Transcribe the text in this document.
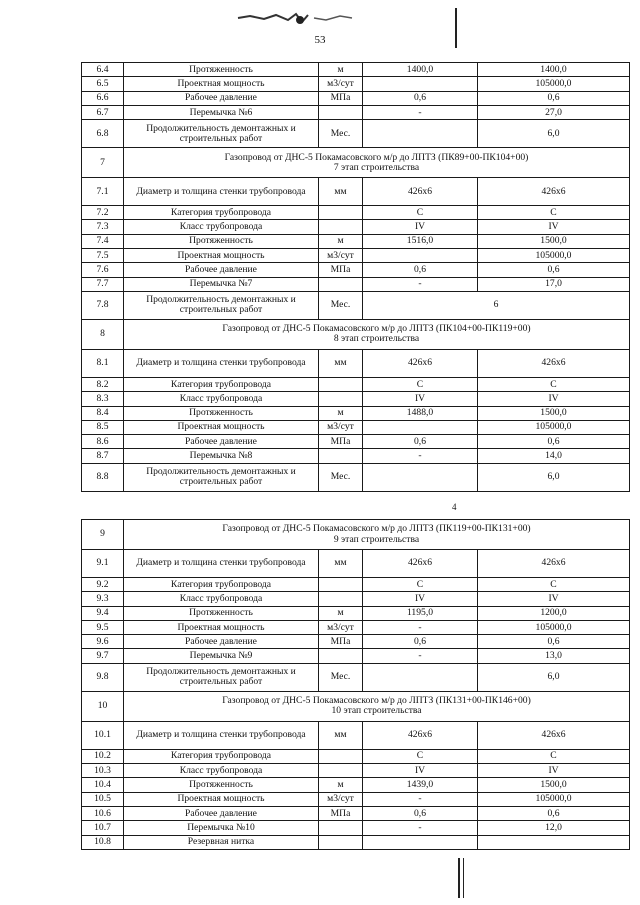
53
6.4	Протяженность	м	1400,0	1400,0
6.5	Проектная мощность	м3/сут		105000,0
6.6	Рабочее давление	МПа	0,6	0,6
6.7	Перемычка №6		-	27,0
6.8	Продолжительность демонтажных и строительных работ	Мес.		6,0
7	Газопровод от ДНС-5 Покамасовского м/р до ЛПТЗ (ПК89+00-ПК104+00)
7 этап строительства			

7.1	Диаметр и толщина стенки трубопровода	мм	426х6	426х6
7.2	Категория трубопровода		С	С
7.3	Класс трубопровода		IV	IV
7.4	Протяженность	м	1516,0	1500,0
7.5	Проектная мощность	м3/сут		105000,0
7.6	Рабочее давление	МПа	0,6	0,6
7.7	Перемычка №7		-	17,0
7.8	Продолжительность демонтажных и строительных работ	Мес.	6	
8	Газопровод от ДНС-5 Покамасовского м/р до ЛПТЗ (ПК104+00-ПК119+00)
8 этап строительства			

8.1	Диаметр и толщина стенки трубопровода	мм	426х6	426х6
8.2	Категория трубопровода		С	С
8.3	Класс трубопровода		IV	IV
8.4	Протяженность	м	1488,0	1500,0
8.5	Проектная мощность	м3/сут		105000,0
8.6	Рабочее давление	МПа	0,6	0,6
8.7	Перемычка №8		-	14,0
8.8	Продолжительность демонтажных и строительных работ	Мес.		6,0
4
9	Газопровод от ДНС-5 Покамасовского м/р до ЛПТЗ (ПК119+00-ПК131+00)
9 этап строительства			

9.1	Диаметр и толщина стенки трубопровода	мм	426х6	426х6
9.2	Категория трубопровода		С	С
9.3	Класс трубопровода		IV	IV
9.4	Протяженность	м	1195,0	1200,0
9.5	Проектная мощность	м3/сут	-	105000,0
9.6	Рабочее давление	МПа	0,6	0,6
9.7	Перемычка №9		-	13,0
9.8	Продолжительность демонтажных и строительных работ	Мес.		6,0
10	Газопровод от ДНС-5 Покамасовского м/р до ЛПТЗ (ПК131+00-ПК146+00)
10 этап строительства			

10.1	Диаметр и толщина стенки трубопровода	мм	426х6	426х6
10.2	Категория трубопровода		С	С
10.3	Класс трубопровода		IV	IV
10.4	Протяженность	м	1439,0	1500,0
10.5	Проектная мощность	м3/сут	-	105000,0
10.6	Рабочее давление	МПа	0,6	0,6
10.7	Перемычка №10		-	12,0
10.8	Резервная нитка			
